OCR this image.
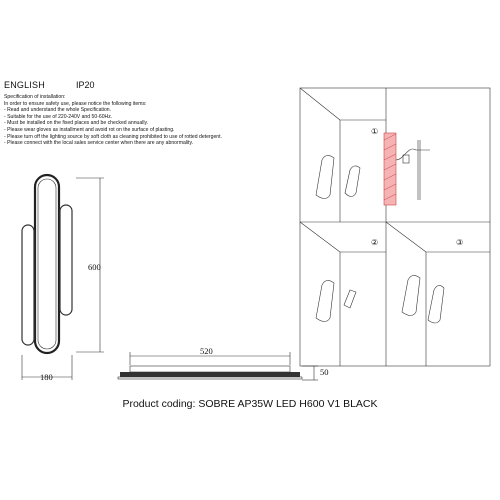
ENGLISH	IP20
Specification of installation:
In order to ensure safety use, please notice the following items:
- Read and understand the whole Specification.
- Suitable for the use of 220-240V and 50-60Hz.
- Must be installed on the fixed places and be checked annually.
- Please wear gloves as installment and avoid rot on the surface of plasting.
- Please turn off the lighting source by soft cloth as cleaning prohibited to use of rotted detergent.
- Please connect with the local sales service center when there are any abnormality.
600
180
520
50
①
②	③
Product coding: SOBRE AP35W LED H600 V1 BLACK
